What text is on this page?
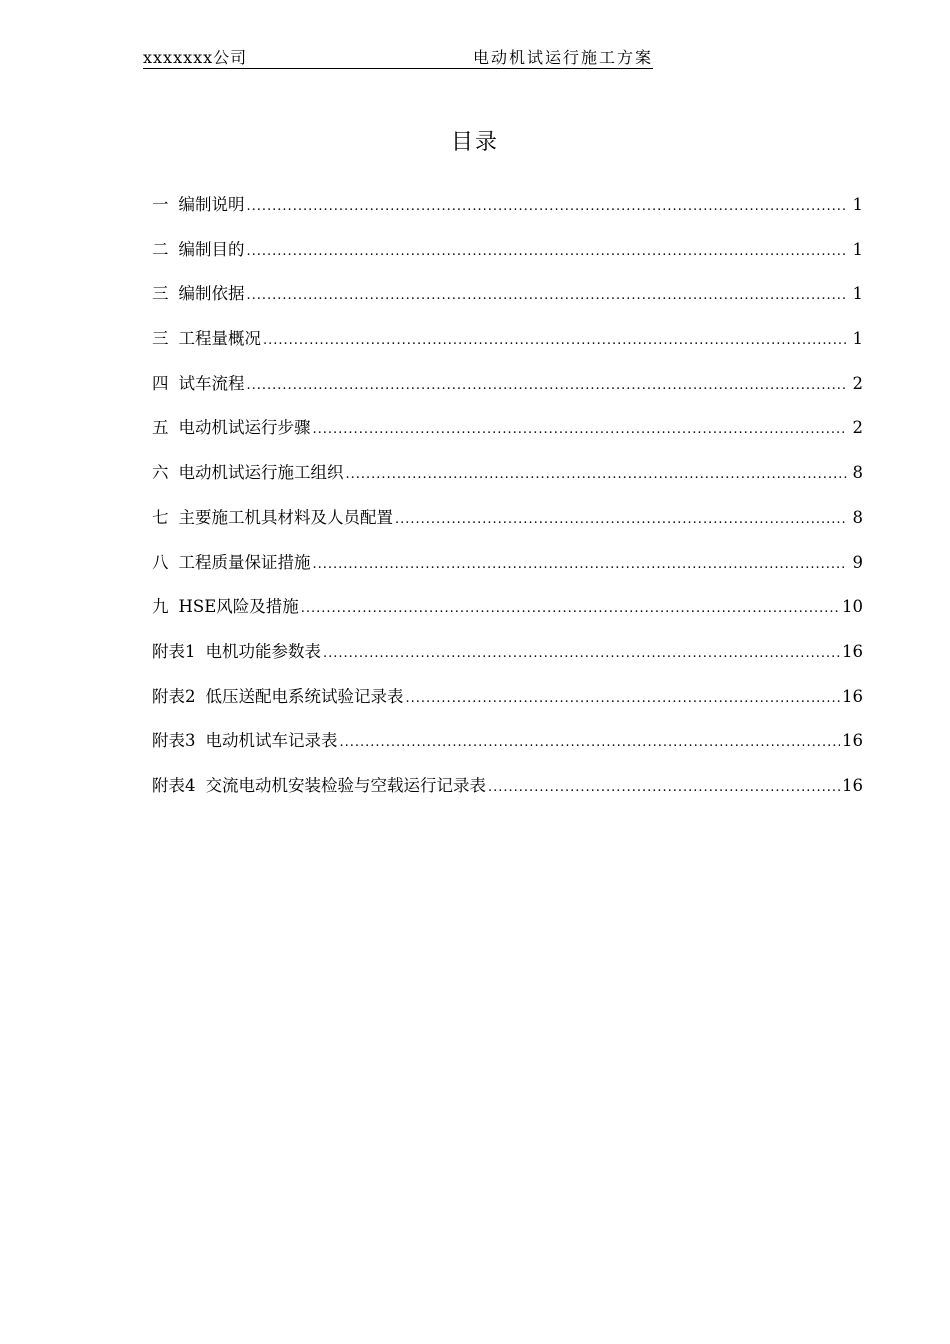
xxxxxxx公司	电动机试运行施工方案
目录
一 编制说明 .....	1
二 编制目的 .....	1
三 编制依据 .....	1
三 工程量概况 .....	1
四 试车流程 .....	2
五 电动机试运行步骤 .....	2
六 电动机试运行施工组织 .....	8
七 主要施工机具材料及人员配置 .....	8
八 工程质量保证措施 .....	9
九 HSE风险及措施 .....	10
附表1 电机功能参数表 .....	16
附表2 低压送配电系统试验记录表 .....	16
附表3 电动机试车记录表 .....	16
附表4 交流电动机安装检验与空载运行记录表 .....	16
